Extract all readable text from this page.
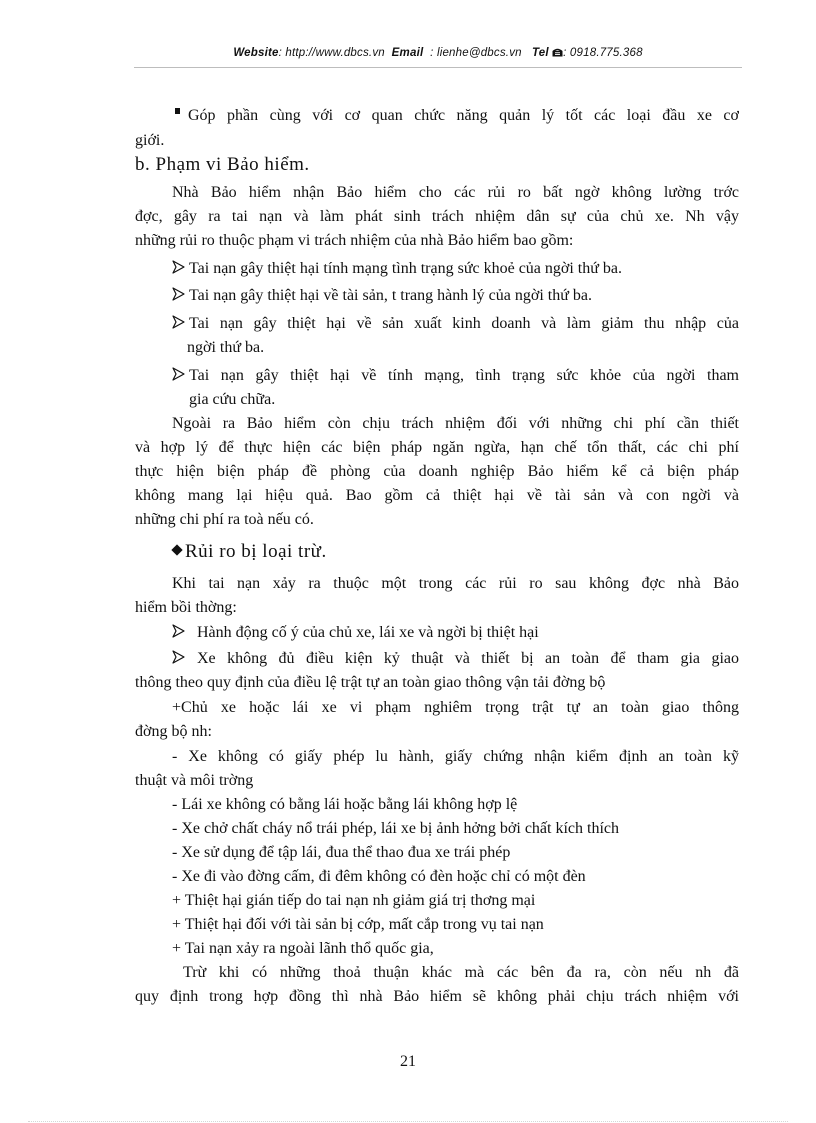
Website: http://www.dbcs.vn Email : lienhe@dbcs.vn Tel : 0918.775.368
Góp phần cùng với cơ quan chức năng quản lý tốt các loại đầu xe cơ
giới.
b. Phạm vi Bảo hiểm.
Nhà Bảo hiểm nhận Bảo hiểm cho các rủi ro bất ngờ không lường trớc
đợc, gây ra tai nạn và làm phát sinh trách nhiệm dân sự của chủ xe. Nh vậy
những rủi ro thuộc phạm vi trách nhiệm của nhà Bảo hiểm bao gồm:
Tai nạn gây thiệt hại tính mạng tình trạng sức khoẻ của ngời thứ ba.
Tai nạn gây thiệt hại về tài sản, t trang hành lý của ngời thứ ba.
Tai nạn gây thiệt hại về sản xuất kinh doanh và làm giảm thu nhập của
ngời thứ ba.
Tai nạn gây thiệt hại về tính mạng, tình trạng sức khỏe của ngời tham
gia cứu chữa.
Ngoài ra Bảo hiểm còn chịu trách nhiệm đối với những chi phí cần thiết
và hợp lý để thực hiện các biện pháp ngăn ngừa, hạn chế tổn thất, các chi phí
thực hiện biện pháp đề phòng của doanh nghiệp Bảo hiểm kể cả biện pháp
không mang lại hiệu quả. Bao gồm cả thiệt hại về tài sản và con ngời và
những chi phí ra toà nếu có.
Rủi ro bị loại trừ.
Khi tai nạn xảy ra thuộc một trong các rủi ro sau không đợc nhà Bảo
hiểm bồi thờng:
Hành động cố ý của chủ xe, lái xe và ngời bị thiệt hại
Xe không đủ điều kiện kỷ thuật và thiết bị an toàn để tham gia giao
thông theo quy định của điều lệ trật tự an toàn giao thông vận tải đờng bộ
+Chủ xe hoặc lái xe vi phạm nghiêm trọng trật tự an toàn giao thông
đờng bộ nh:
- Xe không có giấy phép lu hành, giấy chứng nhận kiểm định an toàn kỹ
thuật và môi trờng
- Lái xe không có bằng lái hoặc bằng lái không hợp lệ
- Xe chở chất cháy nổ trái phép, lái xe bị ảnh hởng bởi chất kích thích
- Xe sử dụng để tập lái, đua thể thao đua xe trái phép
- Xe đi vào đờng cấm, đi đêm không có đèn hoặc chỉ có một đèn
+ Thiệt hại gián tiếp do tai nạn nh giảm giá trị thơng mại
+ Thiệt hại đối với tài sản bị cớp, mất cắp trong vụ tai nạn
+ Tai nạn xảy ra ngoài lãnh thổ quốc gia,
Trừ khi có những thoả thuận khác mà các bên đa ra, còn nếu nh đã
quy định trong hợp đồng thì nhà Bảo hiểm sẽ không phải chịu trách nhiệm với
21
